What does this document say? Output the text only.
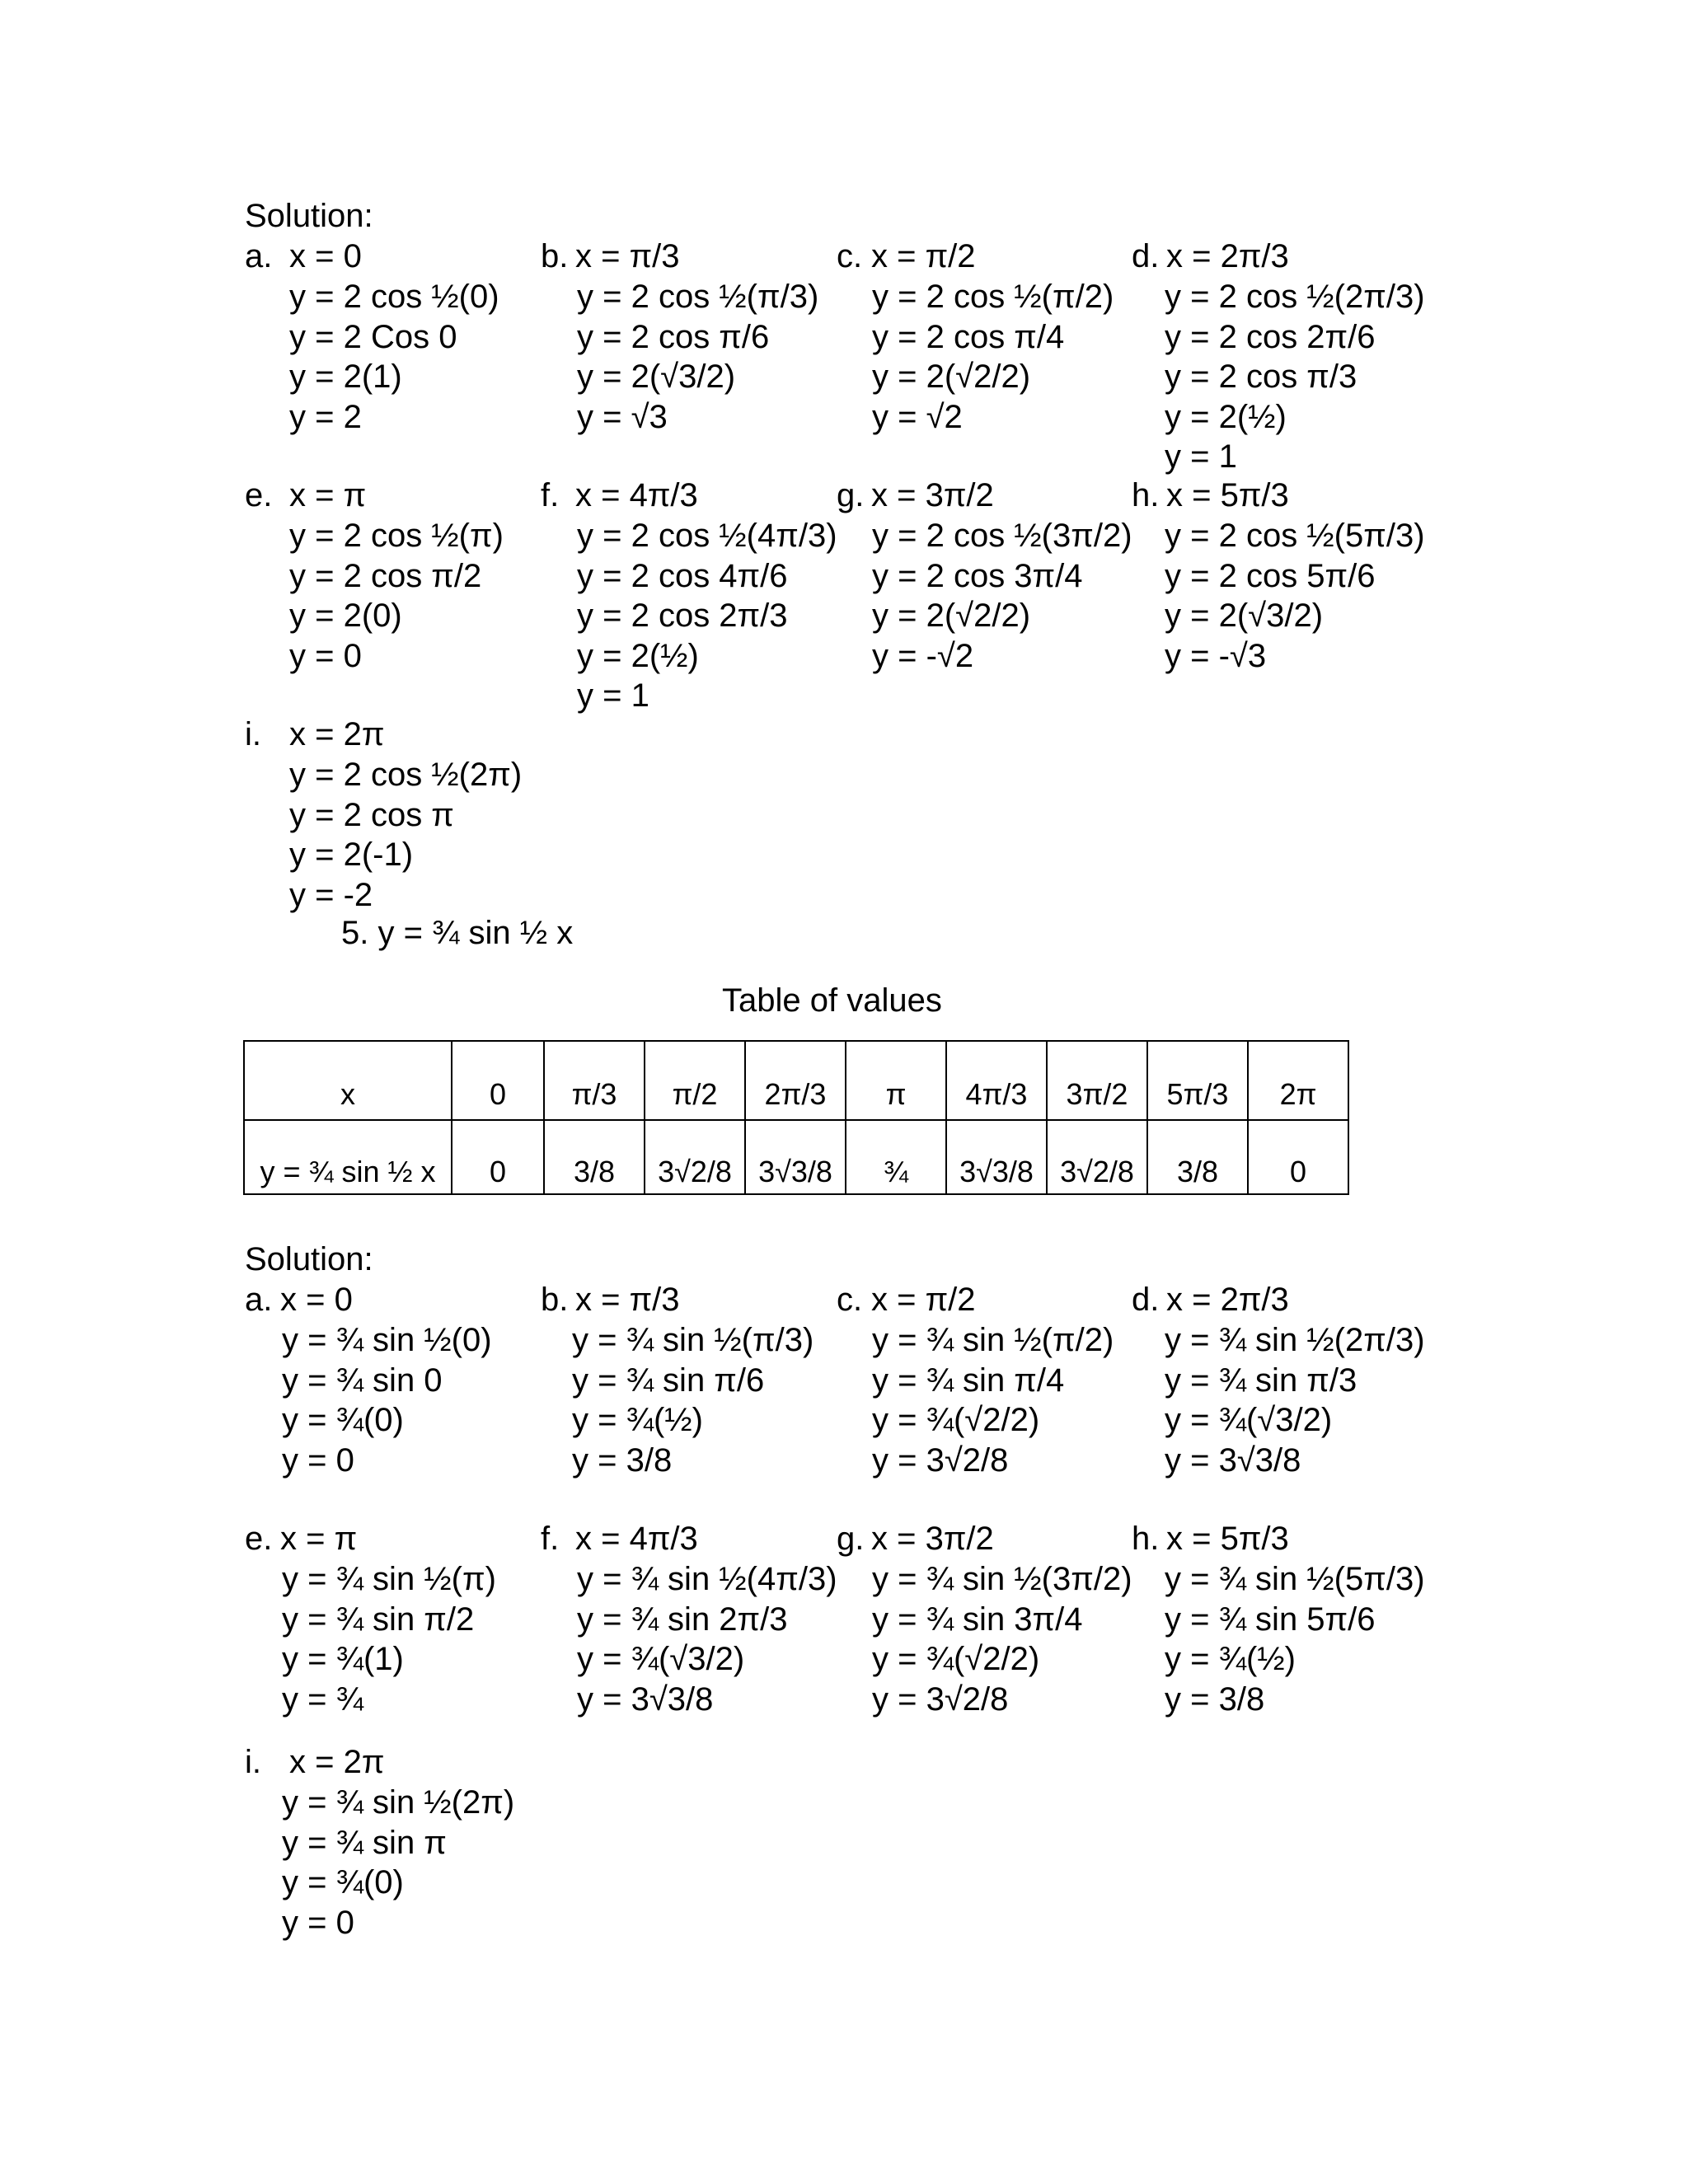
Solution:
a. x = 0
y = 2 cos ½(0)
y = 2 Cos 0
y = 2(1)
y = 2
b. x = π/3
y = 2 cos ½(π/3)
y = 2 cos π/6
y = 2(√3/2)
y = √3
c. x = π/2
y = 2 cos ½(π/2)
y = 2 cos π/4
y = 2(√2/2)
y = √2
d. x = 2π/3
y = 2 cos ½(2π/3)
y = 2 cos 2π/6
y = 2 cos π/3
y = 2(½)
y = 1
e. x = π
y = 2 cos ½(π)
y = 2 cos π/2
y = 2(0)
y = 0
f. x = 4π/3
y = 2 cos ½(4π/3)
y = 2 cos 4π/6
y = 2 cos 2π/3
y = 2(½)
y = 1
g. x = 3π/2
y = 2 cos ½(3π/2)
y = 2 cos 3π/4
y = 2(√2/2)
y = -√2
h. x = 5π/3
y = 2 cos ½(5π/3)
y = 2 cos 5π/6
y = 2(√3/2)
y = -√3
i. x = 2π
y = 2 cos ½(2π)
y = 2 cos π
y = 2(-1)
y = -2
5. y = ¾ sin ½ x
Table of values
x	0	π/3	π/2	2π/3	π	4π/3	3π/2	5π/3	2π
y = ¾ sin ½ x	0	3/8	3√2/8	3√3/8	¾	3√3/8	3√2/8	3/8	0
Solution:
a. x = 0
y = ¾ sin ½(0)
y = ¾ sin 0
y = ¾(0)
y = 0
b. x = π/3
y = ¾ sin ½(π/3)
y = ¾ sin π/6
y = ¾(½)
y = 3/8
c. x = π/2
y = ¾ sin ½(π/2)
y = ¾ sin π/4
y = ¾(√2/2)
y = 3√2/8
d. x = 2π/3
y = ¾ sin ½(2π/3)
y = ¾ sin π/3
y = ¾(√3/2)
y = 3√3/8
e. x = π
y = ¾ sin ½(π)
y = ¾ sin π/2
y = ¾(1)
y = ¾
f. x = 4π/3
y = ¾ sin ½(4π/3)
y = ¾ sin 2π/3
y = ¾(√3/2)
y = 3√3/8
g. x = 3π/2
y = ¾ sin ½(3π/2)
y = ¾ sin 3π/4
y = ¾(√2/2)
y = 3√2/8
h. x = 5π/3
y = ¾ sin ½(5π/3)
y = ¾ sin 5π/6
y = ¾(½)
y = 3/8
i. x = 2π
y = ¾ sin ½(2π)
y = ¾ sin π
y = ¾(0)
y = 0
